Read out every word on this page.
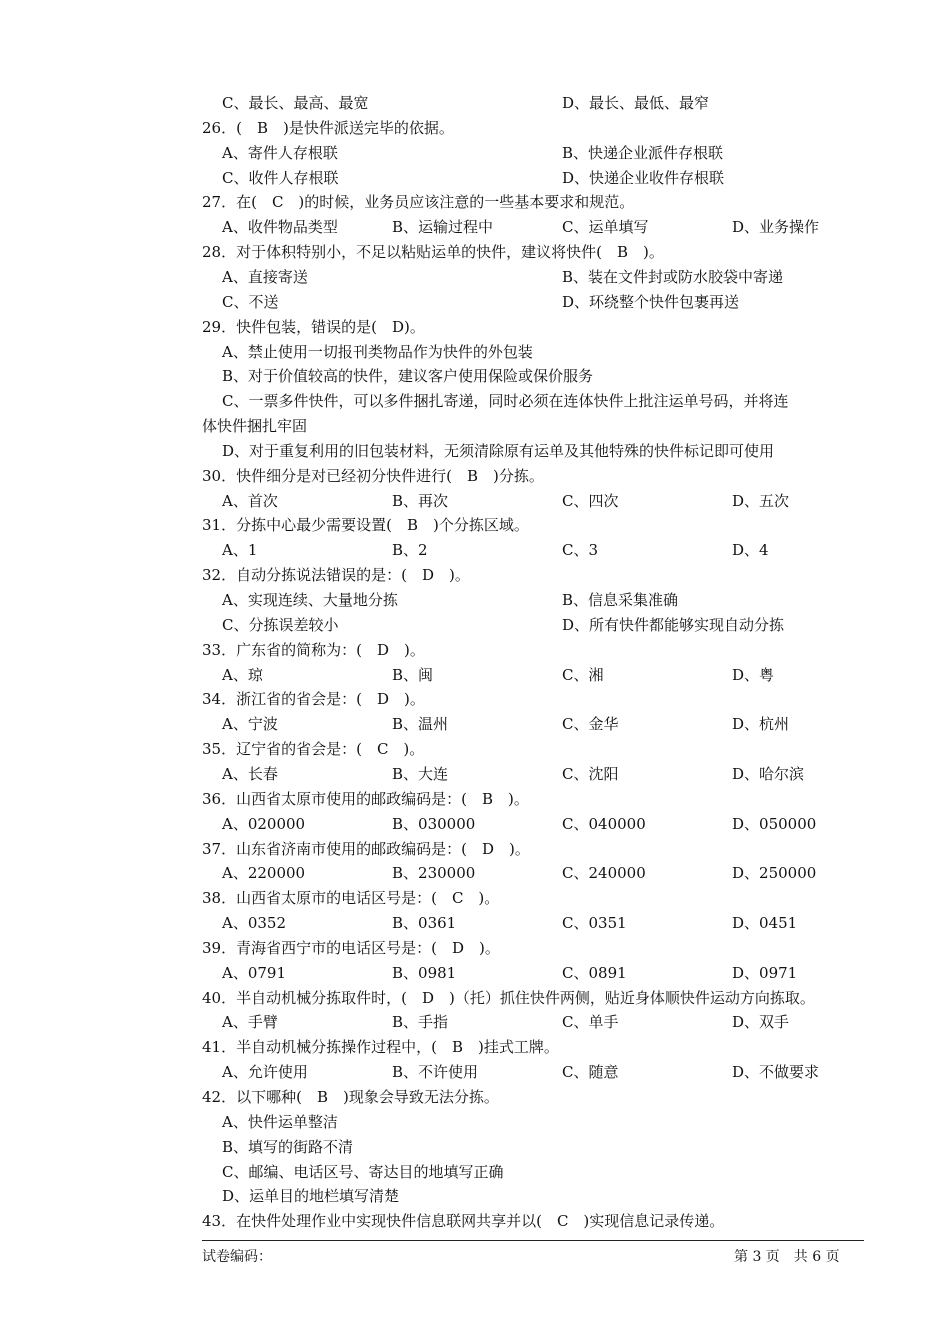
C、最长、最高、最宽	D、最长、最低、最窄
26．(　B　)是快件派送完毕的依据。
A、寄件人存根联	B、快递企业派件存根联
C、收件人存根联	D、快递企业收件存根联
27．在(　C　)的时候，业务员应该注意的一些基本要求和规范。
A、收件物品类型	B、运输过程中	C、运单填写	D、业务操作
28．对于体积特别小，不足以粘贴运单的快件，建议将快件(　B　)。
A、直接寄送	B、装在文件封或防水胶袋中寄递
C、不送	D、环绕整个快件包裹再送
29．快件包装，错误的是(　D)。
A、禁止使用一切报刊类物品作为快件的外包装
B、对于价值较高的快件，建议客户使用保险或保价服务
C、一票多件快件，可以多件捆扎寄递，同时必须在连体快件上批注运单号码，并将连
体快件捆扎牢固
D、对于重复利用的旧包装材料，无须清除原有运单及其他特殊的快件标记即可使用
30．快件细分是对已经初分快件进行(　B　)分拣。
A、首次	B、再次	C、四次	D、五次
31．分拣中心最少需要设置(　B　)个分拣区域。
A、1	B、2	C、3	D、4
32．自动分拣说法错误的是：(　D　)。
A、实现连续、大量地分拣	B、信息采集准确
C、分拣误差较小	D、所有快件都能够实现自动分拣
33．广东省的简称为：(　D　)。
A、琼	B、闽	C、湘	D、粤
34．浙江省的省会是：(　D　)。
A、宁波	B、温州	C、金华	D、杭州
35．辽宁省的省会是：(　C　)。
A、长春	B、大连	C、沈阳	D、哈尔滨
36．山西省太原市使用的邮政编码是：(　B　)。
A、020000	B、030000	C、040000	D、050000
37．山东省济南市使用的邮政编码是：(　D　)。
A、220000	B、230000	C、240000	D、250000
38．山西省太原市的电话区号是：(　C　)。
A、0352	B、0361	C、0351	D、0451
39．青海省西宁市的电话区号是：(　D　)。
A、0791	B、0981	C、0891	D、0971
40．半自动机械分拣取件时，(　D　)（托）抓住快件两侧，贴近身体顺快件运动方向拣取。
A、手臂	B、手指	C、单手	D、双手
41．半自动机械分拣操作过程中，(　B　)挂式工牌。
A、允许使用	B、不许使用	C、随意	D、不做要求
42．以下哪种(　B　)现象会导致无法分拣。
A、快件运单整洁
B、填写的街路不清
C、邮编、电话区号、寄达目的地填写正确
D、运单目的地栏填写清楚
43．在快件处理作业中实现快件信息联网共享并以(　C　)实现信息记录传递。
试卷编码：	第 3 页　共 6 页
